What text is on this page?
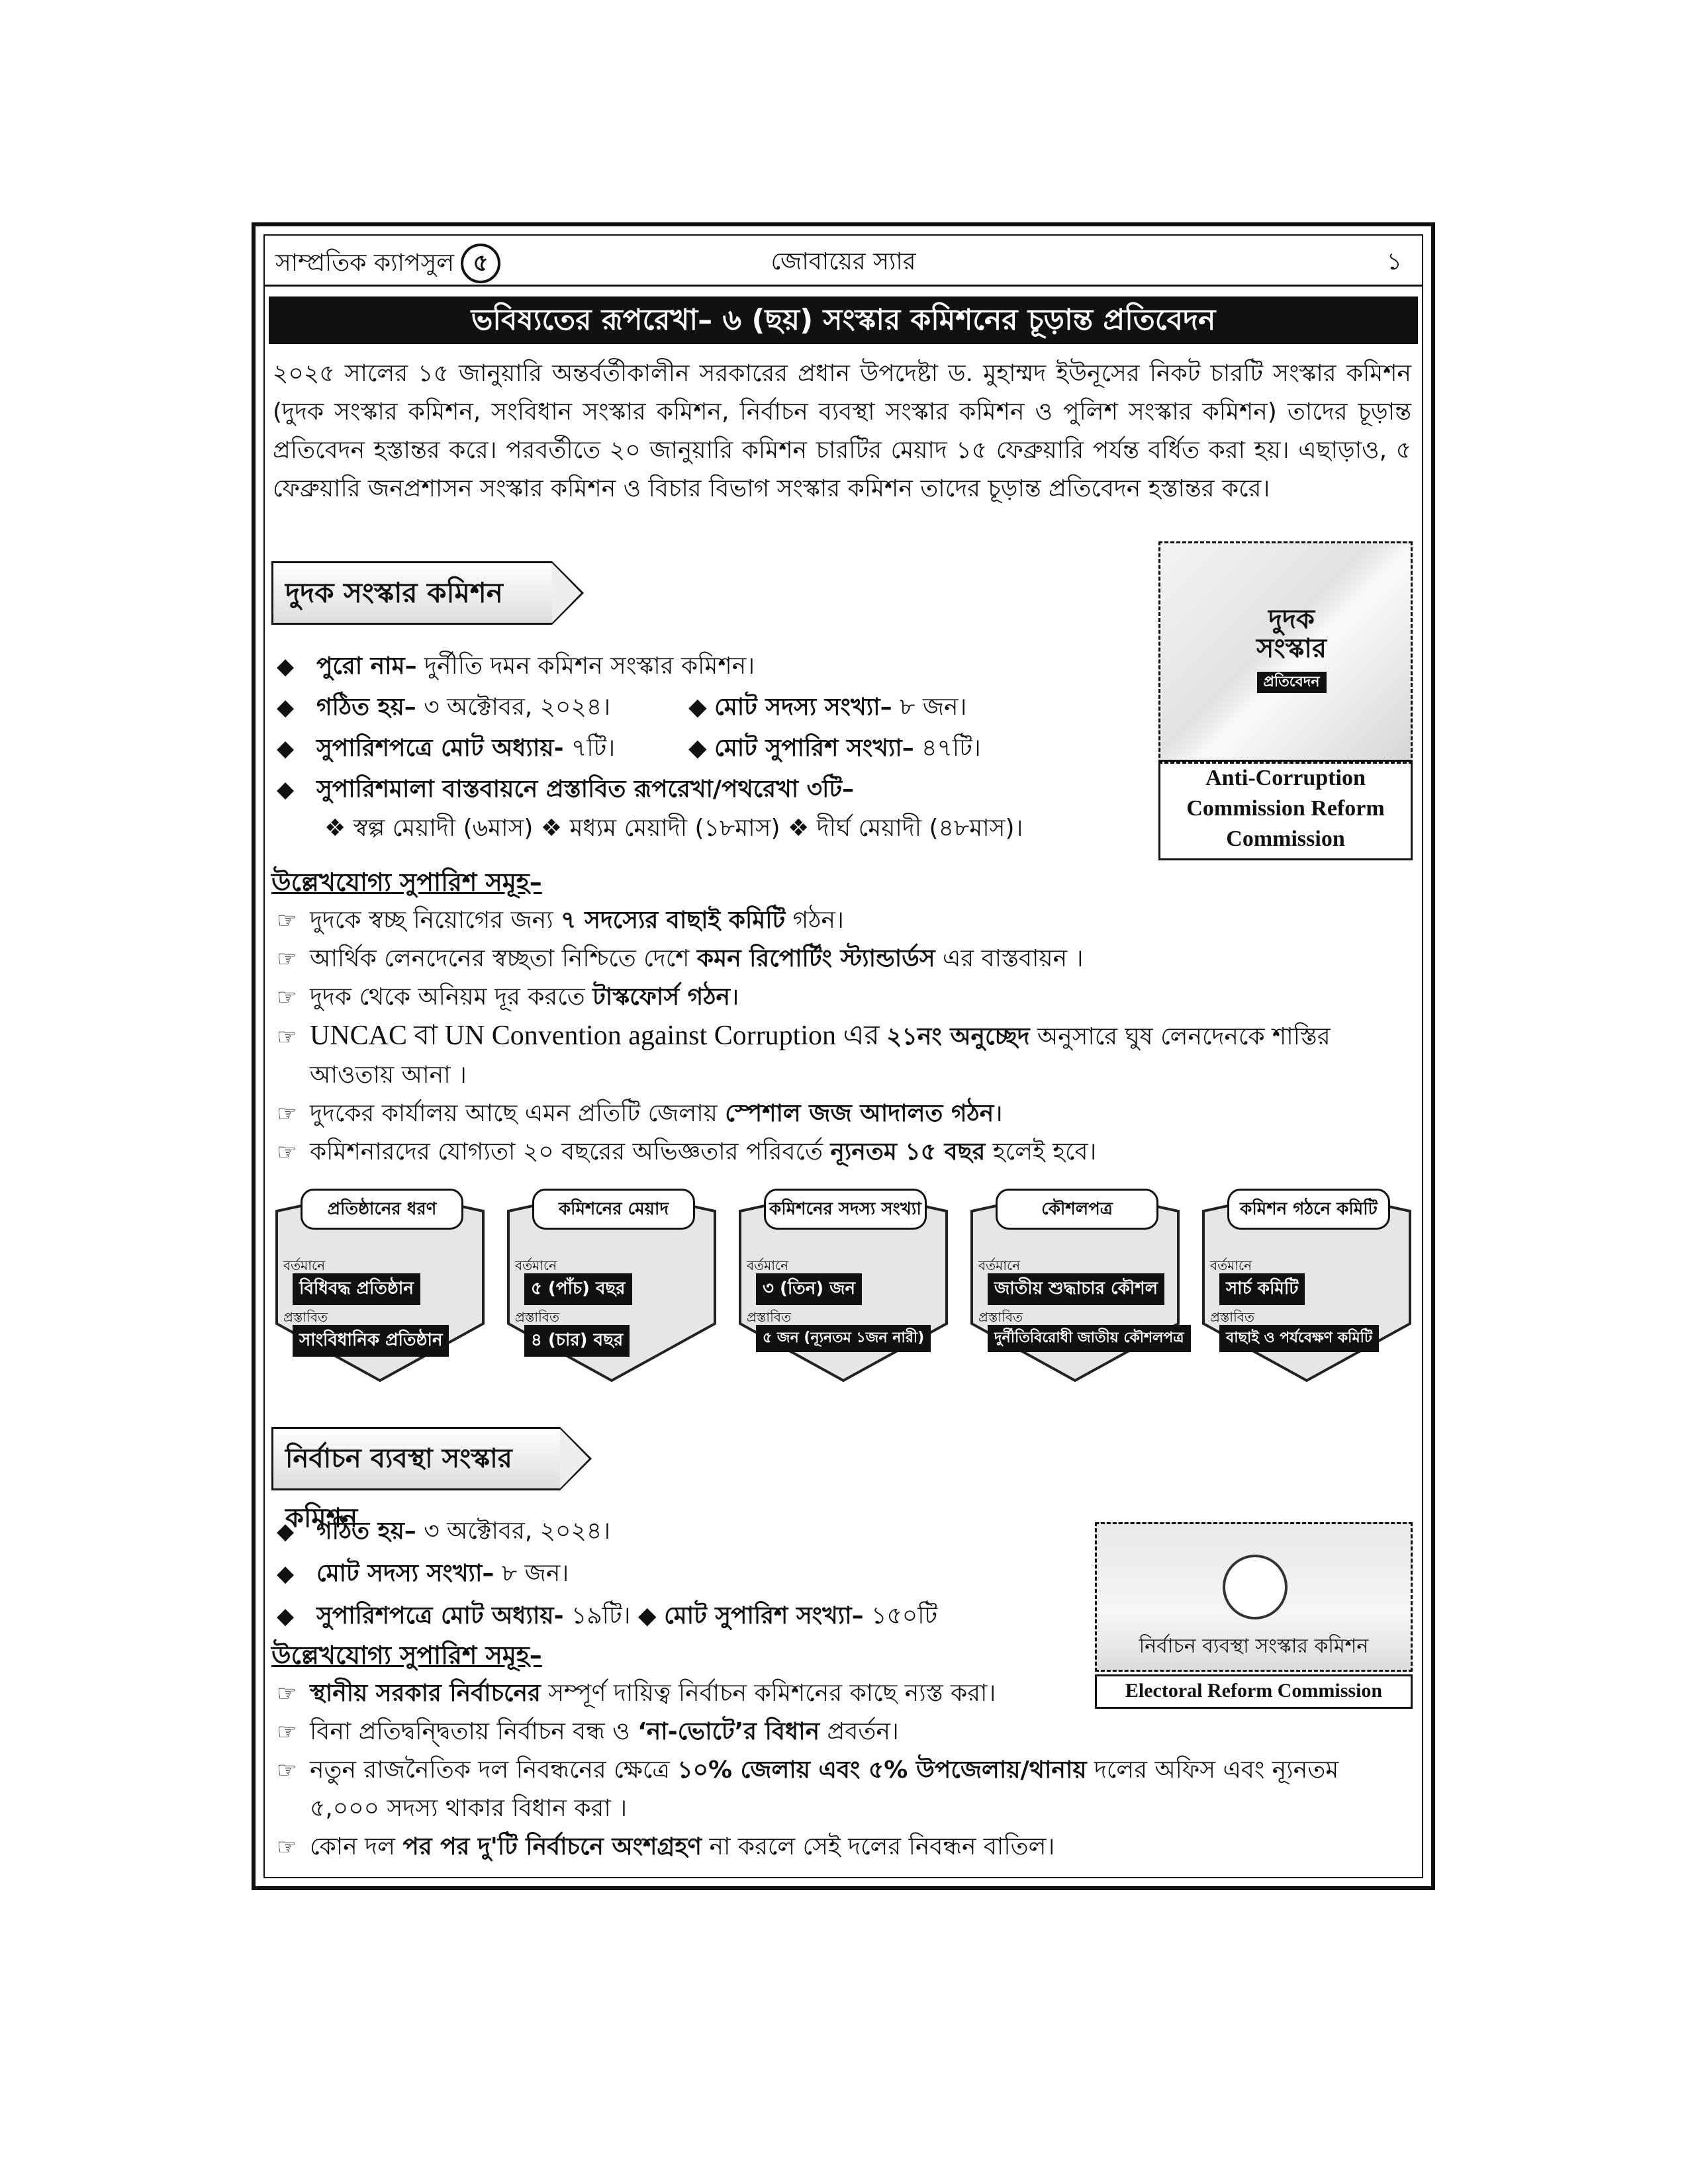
সাম্প্রতিক ক্যাপসুল ৫	জোবায়ের স্যার	১
ভবিষ্যতের রূপরেখা– ৬ (ছয়) সংস্কার কমিশনের চূড়ান্ত প্রতিবেদন
২০২৫ সালের ১৫ জানুয়ারি অন্তর্বর্তীকালীন সরকারের প্রধান উপদেষ্টা ড. মুহাম্মদ ইউনূসের নিকট চারটি সংস্কার কমিশন (দুদক সংস্কার কমিশন, সংবিধান সংস্কার কমিশন, নির্বাচন ব্যবস্থা সংস্কার কমিশন ও পুলিশ সংস্কার কমিশন) তাদের চূড়ান্ত প্রতিবেদন হস্তান্তর করে। পরবর্তীতে ২০ জানুয়ারি কমিশন চারটির মেয়াদ ১৫ ফেব্রুয়ারি পর্যন্ত বর্ধিত করা হয়। এছাড়াও, ৫ ফেব্রুয়ারি জনপ্রশাসন সংস্কার কমিশন ও বিচার বিভাগ সংস্কার কমিশন তাদের চূড়ান্ত প্রতিবেদন হস্তান্তর করে।
দুদক সংস্কার কমিশন
দুদক
সংস্কার
প্রতিবেদন
Anti-Corruption Commission Reform Commission
◆ পুরো নাম– দুর্নীতি দমন কমিশন সংস্কার কমিশন।
◆ গঠিত হয়– ৩ অক্টোবর, ২০২৪।	◆ মোট সদস্য সংখ্যা– ৮ জন।
◆ সুপারিশপত্রে মোট অধ্যায়- ৭টি।	◆ মোট সুপারিশ সংখ্যা– ৪৭টি।
◆ সুপারিশমালা বাস্তবায়নে প্রস্তাবিত রূপরেখা/পথরেখা ৩টি–
❖ স্বল্প মেয়াদী (৬মাস) ❖ মধ্যম মেয়াদী (১৮মাস) ❖ দীর্ঘ মেয়াদী (৪৮মাস)।
উল্লেখযোগ্য সুপারিশ সমূহ–
☞ দুদকে স্বচ্ছ নিয়োগের জন্য ৭ সদস্যের বাছাই কমিটি গঠন।
☞ আর্থিক লেনদেনের স্বচ্ছতা নিশ্চিতে দেশে কমন রিপোর্টিং স্ট্যান্ডার্ডস এর বাস্তবায়ন ।
☞ দুদক থেকে অনিয়ম দূর করতে টাস্কফোর্স গঠন।
☞ UNCAC বা UN Convention against Corruption এর ২১নং অনুচ্ছেদ অনুসারে ঘুষ লেনদেনকে শাস্তির আওতায় আনা ।
☞ দুদকের কার্যালয় আছে এমন প্রতিটি জেলায় স্পেশাল জজ আদালত গঠন।
☞ কমিশনারদের যোগ্যতা ২০ বছরের অভিজ্ঞতার পরিবর্তে ন্যূনতম ১৫ বছর হলেই হবে।
প্রতিষ্ঠানের ধরণ
বর্তমানে
বিধিবদ্ধ প্রতিষ্ঠান
প্রস্তাবিত
সাংবিধানিক প্রতিষ্ঠান
কমিশনের মেয়াদ
বর্তমানে
৫ (পাঁচ) বছর
প্রস্তাবিত
৪ (চার) বছর
কমিশনের সদস্য সংখ্যা
বর্তমানে
৩ (তিন) জন
প্রস্তাবিত
৫ জন (ন্যূনতম ১জন নারী)
কৌশলপত্র
বর্তমানে
জাতীয় শুদ্ধাচার কৌশল
প্রস্তাবিত
দুর্নীতিবিরোধী জাতীয় কৌশলপত্র
কমিশন গঠনে কমিটি
বর্তমানে
সার্চ কমিটি
প্রস্তাবিত
বাছাই ও পর্যবেক্ষণ কমিটি
নির্বাচন ব্যবস্থা সংস্কার কমিশন
নির্বাচন ব্যবস্থা সংস্কার কমিশন
Electoral Reform Commission
◆ গঠিত হয়– ৩ অক্টোবর, ২০২৪।
◆ মোট সদস্য সংখ্যা– ৮ জন।
◆ সুপারিশপত্রে মোট অধ্যায়- ১৯টি। ◆ মোট সুপারিশ সংখ্যা– ১৫০টি
উল্লেখযোগ্য সুপারিশ সমূহ–
☞ স্থানীয় সরকার নির্বাচনের সম্পূর্ণ দায়িত্ব নির্বাচন কমিশনের কাছে ন্যস্ত করা।
☞ বিনা প্রতিদ্বন্দ্বিতায় নির্বাচন বন্ধ ও ‘না-ভোটে’র বিধান প্রবর্তন।
☞ নতুন রাজনৈতিক দল নিবন্ধনের ক্ষেত্রে ১০% জেলায় এবং ৫% উপজেলায়/থানায় দলের অফিস এবং ন্যূনতম ৫,০০০ সদস্য থাকার বিধান করা ।
☞ কোন দল পর পর দু'টি নির্বাচনে অংশগ্রহণ না করলে সেই দলের নিবন্ধন বাতিল।
